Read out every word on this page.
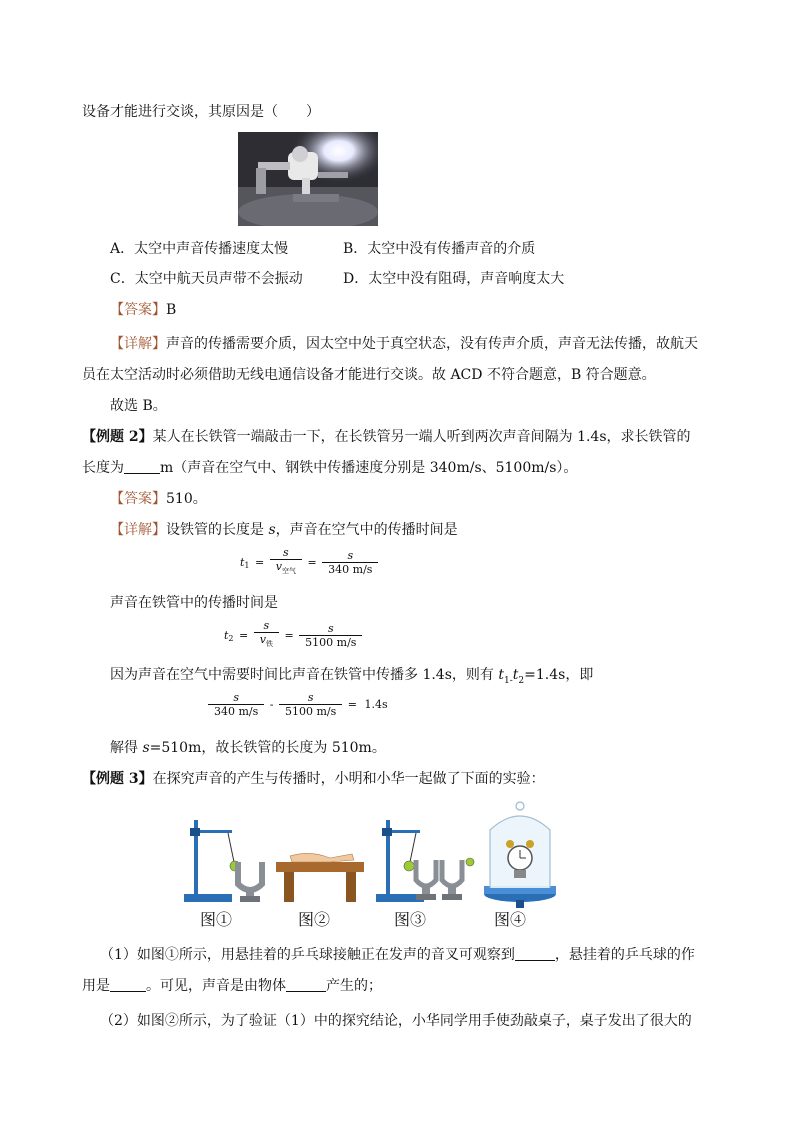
设备才能进行交谈，其原因是（　　）
A．太空中声音传播速度太慢	B．太空中没有传播声音的介质
C．太空中航天员声带不会振动	D．太空中没有阻碍，声音响度太大
【答案】B
【详解】声音的传播需要介质，因太空中处于真空状态，没有传声介质，声音无法传播，故航天
员在太空活动时必须借助无线电通信设备才能进行交谈。故 ACD 不符合题意，B 符合题意。
故选 B。
【例题 2】某人在长铁管一端敲击一下，在长铁管另一端人听到两次声音间隔为 1.4s，求长铁管的
长度为	m（声音在空气中、钢铁中传播速度分别是 340m/s、5100m/s）。
【答案】510。
【详解】设铁管的长度是 s，声音在空气中的传播时间是
$t_1 = \frac{s}{v_{空气}} = \frac{s}{340 m/s}$
声音在铁管中的传播时间是
$t_2 = \frac{s}{v_铁} = \frac{s}{5100 m/s}$
因为声音在空气中需要时间比声音在铁管中传播多 1.4s，则有 $t_{1-}t_2=1.4s$，即
$\frac{s}{340 m/s} - \frac{s}{5100 m/s} = 1.4s$
解得 s=510m，故长铁管的长度为 510m。
【例题 3】在探究声音的产生与传播时，小明和小华一起做了下面的实验：
图①	图②	图③	图④
（1）如图①所示，用悬挂着的乒乓球接触正在发声的音叉可观察到	，悬挂着的乒乓球的作
用是	。可见，声音是由物体	产生的；
（2）如图②所示，为了验证（1）中的探究结论，小华同学用手使劲敲桌子，桌子发出了很大的
